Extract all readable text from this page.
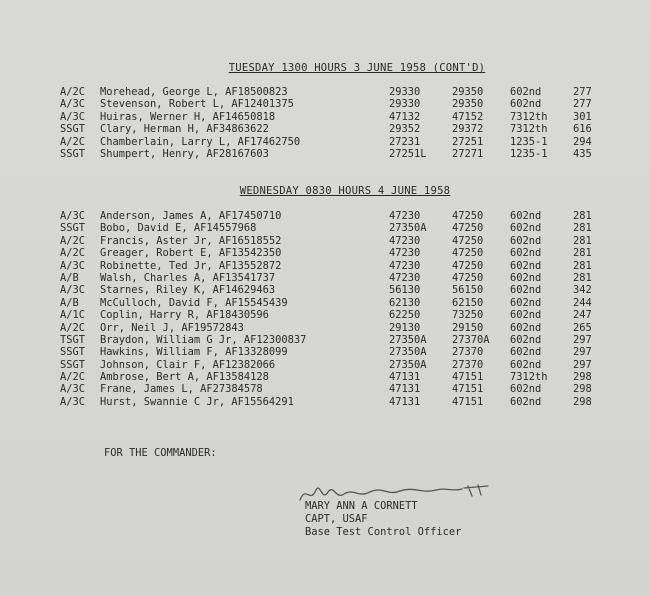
TUESDAY 1300 HOURS 3 JUNE 1958 (CONT'D)
A/2C Morehead, George L, AF18500823	29330	29350	602nd	277
A/3C Stevenson, Robert L, AF12401375	29330	29350	602nd	277
A/3C Huiras, Werner H, AF14650818	47132	47152	7312th 301
SSGT Clary, Herman H, AF34863622	29352	29372	7312th 616
A/2C Chamberlain, Larry L, AF17462750	27231	27251	1235-1 294
SSGT Shumpert, Henry, AF28167603	27251L 27271	1235-1 435
WEDNESDAY 0830 HOURS 4 JUNE 1958
A/3C Anderson, James A, AF17450710	47230	47250	602nd	281
SSGT Bobo, David E, AF14557968	27350A 47250	602nd	281
A/2C Francis, Aster Jr, AF16518552	47230	47250	602nd	281
A/2C Greager, Robert E, AF13542350	47230	47250	602nd	281
A/3C Robinette, Ted Jr, AF13552872	47230	47250	602nd	281
A/B Walsh, Charles A, AF13541737	47230	47250	602nd	281
A/3C Starnes, Riley K, AF14629463	56130	56150	602nd	342
A/B McCulloch, David F, AF15545439	62130	62150	602nd	244
A/1C Coplin, Harry R, AF18430596	62250	73250	602nd	247
A/2C Orr, Neil J, AF19572843	29130	29150	602nd	265
TSGT Braydon, William G Jr, AF12300837	27350A 27370A 602nd	297
SSGT Hawkins, William F, AF13328099	27350A 27370	602nd	297
SSGT Johnson, Clair F, AF12382066	27350A 27370	602nd	297
A/2C Ambrose, Bert A, AF13584128	47131	47151	7312th 298
A/3C Frane, James L, AF27384578	47131	47151	602nd	298
A/3C Hurst, Swannie C Jr, AF15564291	47131	47151	602nd	298
FOR THE COMMANDER:
MARY ANN A CORNETT
CAPT, USAF
Base Test Control Officer
